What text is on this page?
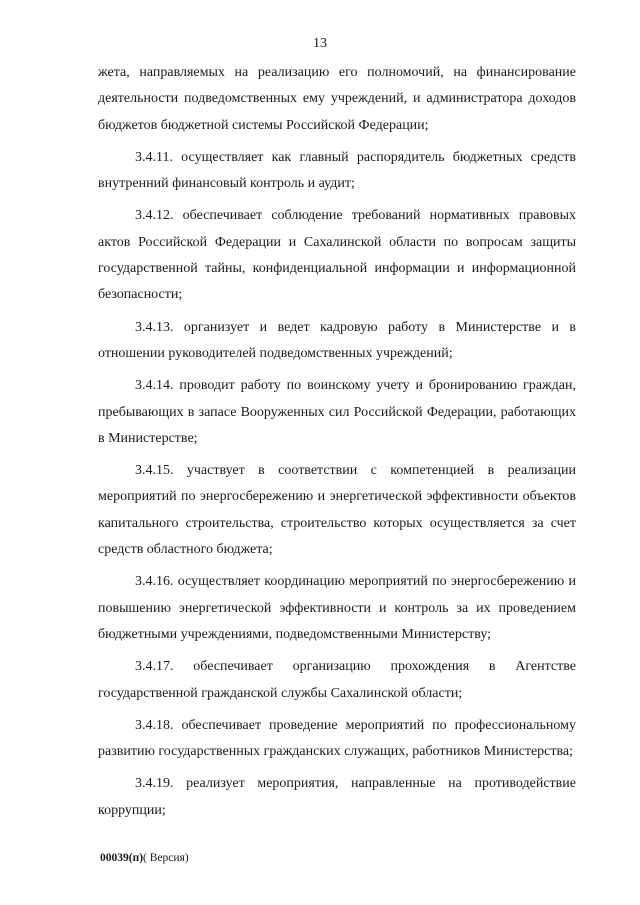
13

жета, направляемых на реализацию его полномочий, на финансирование деятельности подведомственных ему учреждений, и администратора доходов бюджетов бюджетной системы Российской Федерации;

3.4.11. осуществляет как главный распорядитель бюджетных средств внутренний финансовый контроль и аудит;

3.4.12. обеспечивает соблюдение требований нормативных правовых актов Российской Федерации и Сахалинской области по вопросам защиты государственной тайны, конфиденциальной информации и информационной безопасности;

3.4.13. организует и ведет кадровую работу в Министерстве и в отношении руководителей подведомственных учреждений;

3.4.14. проводит работу по воинскому учету и бронированию граждан, пребывающих в запасе Вооруженных сил Российской Федерации, работающих в Министерстве;

3.4.15. участвует в соответствии с компетенцией в реализации мероприятий по энергосбережению и энергетической эффективности объектов капитального строительства, строительство которых осуществляется за счет средств областного бюджета;

3.4.16. осуществляет координацию мероприятий по энергосбережению и повышению энергетической эффективности и контроль за их проведением бюджетными учреждениями, подведомственными Министерству;

3.4.17. обеспечивает организацию прохождения в Агентстве государственной гражданской службы Сахалинской области;

3.4.18. обеспечивает проведение мероприятий по профессиональному развитию государственных гражданских служащих, работников Министерства;

3.4.19. реализует мероприятия, направленные на противодействие коррупции;

00039(п)( Версия)
